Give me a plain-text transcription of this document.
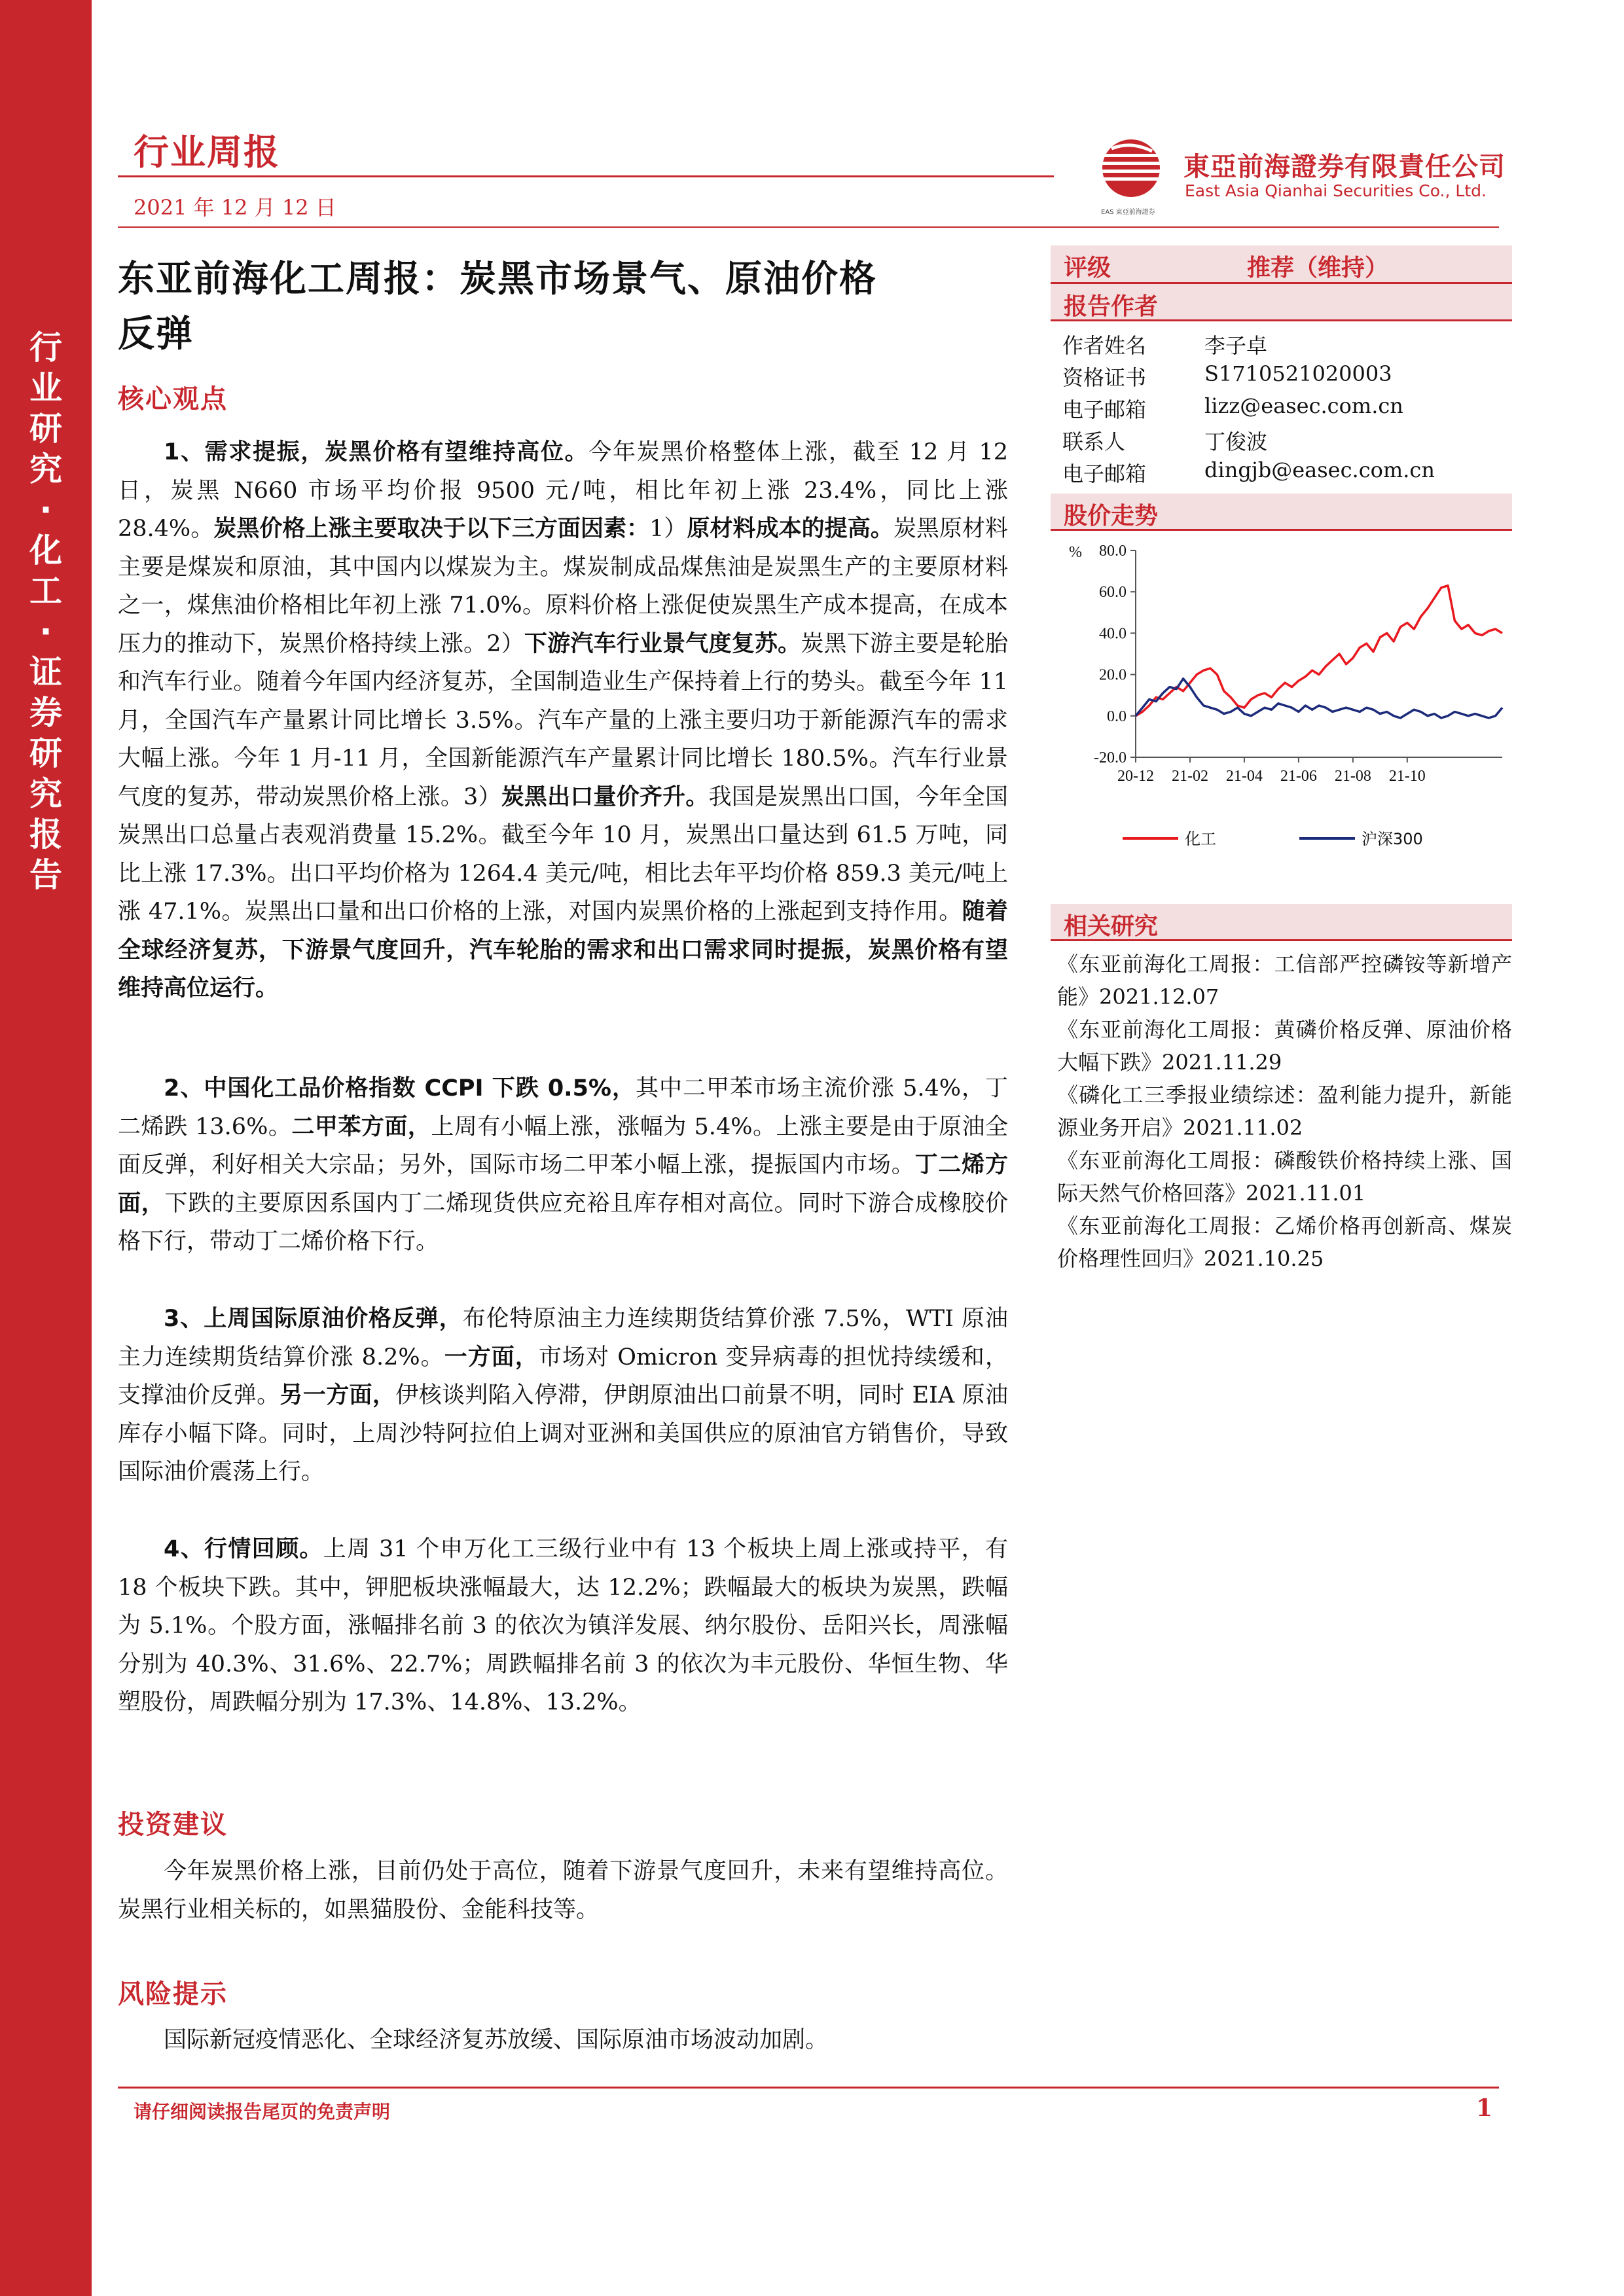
行
业
研
究
·
化
工
·
证
券
研
究
报
告
行业周报
2021 年 12 月 12 日	EAS 東亞前海證券
東亞前海證券有限責任公司
East Asia Qianhai Securities Co., Ltd.
东亚前海化工周报：炭黑市场景气、原油价格
反弹
核心观点

1、需求提振，炭黑价格有望维持高位。今年炭黑价格整体上涨，截至 12 月 12 日，炭黑 N660 市场平均价报 9500 元/吨，相比年初上涨 23.4%，同比上涨 28.4%。炭黑价格上涨主要取决于以下三方面因素：1）原材料成本的提高。炭黑原材料主要是煤炭和原油，其中国内以煤炭为主。煤炭制成品煤焦油是炭黑生产的主要原材料之一，煤焦油价格相比年初上涨 71.0%。原料价格上涨促使炭黑生产成本提高，在成本压力的推动下，炭黑价格持续上涨。2）下游汽车行业景气度复苏。炭黑下游主要是轮胎和汽车行业。随着今年国内经济复苏，全国制造业生产保持着上行的势头。截至今年 11 月，全国汽车产量累计同比增长 3.5%。汽车产量的上涨主要归功于新能源汽车的需求大幅上涨。今年 1 月-11 月，全国新能源汽车产量累计同比增长 180.5%。汽车行业景气度的复苏，带动炭黑价格上涨。3）炭黑出口量价齐升。我国是炭黑出口国，今年全国炭黑出口总量占表观消费量 15.2%。截至今年 10 月，炭黑出口量达到 61.5 万吨，同比上涨 17.3%。出口平均价格为 1264.4 美元/吨，相比去年平均价格 859.3 美元/吨上涨 47.1%。炭黑出口量和出口价格的上涨，对国内炭黑价格的上涨起到支持作用。随着全球经济复苏，下游景气度回升，汽车轮胎的需求和出口需求同时提振，炭黑价格有望维持高位运行。

2、中国化工品价格指数 CCPI 下跌 0.5%，其中二甲苯市场主流价涨 5.4%，丁二烯跌 13.6%。二甲苯方面，上周有小幅上涨，涨幅为 5.4%。上涨主要是由于原油全面反弹，利好相关大宗品；另外，国际市场二甲苯小幅上涨，提振国内市场。丁二烯方面，下跌的主要原因系国内丁二烯现货供应充裕且库存相对高位。同时下游合成橡胶价格下行，带动丁二烯价格下行。

3、上周国际原油价格反弹，布伦特原油主力连续期货结算价涨 7.5%，WTI 原油主力连续期货结算价涨 8.2%。一方面，市场对 Omicron 变异病毒的担忧持续缓和，支撑油价反弹。另一方面，伊核谈判陷入停滞，伊朗原油出口前景不明，同时 EIA 原油库存小幅下降。同时，上周沙特阿拉伯上调对亚洲和美国供应的原油官方销售价，导致国际油价震荡上行。

4、行情回顾。上周 31 个申万化工三级行业中有 13 个板块上周上涨或持平，有 18 个板块下跌。其中，钾肥板块涨幅最大，达 12.2%；跌幅最大的板块为炭黑，跌幅为 5.1%。个股方面，涨幅排名前 3 的依次为镇洋发展、纳尔股份、岳阳兴长，周涨幅分别为 40.3%、31.6%、22.7%；周跌幅排名前 3 的依次为丰元股份、华恒生物、华塑股份，周跌幅分别为 17.3%、14.8%、13.2%。

投资建议

今年炭黑价格上涨，目前仍处于高位，随着下游景气度回升，未来有望维持高位。炭黑行业相关标的，如黑猫股份、金能科技等。

风险提示

国际新冠疫情恶化、全球经济复苏放缓、国际原油市场波动加剧。

评级	推荐（维持）
报告作者
作者姓名	李子卓
资格证书	S1710521020003
电子邮箱	lizz@easec.com.cn
联系人	丁俊波
电子邮箱	dingjb@easec.com.cn
股价走势
% 80.0
60.0
40.0
20.0
0.0
-20.0
20-12 21-02 21-04 21-06 21-08 21-10
化工	沪深300
相关研究

《东亚前海化工周报：工信部严控磷铵等新增产能》2021.12.07

《东亚前海化工周报：黄磷价格反弹、原油价格大幅下跌》2021.11.29

《磷化工三季报业绩综述：盈利能力提升，新能源业务开启》2021.11.02

《东亚前海化工周报：磷酸铁价格持续上涨、国际天然气价格回落》2021.11.01

《东亚前海化工周报：乙烯价格再创新高、煤炭价格理性回归》2021.10.25

请仔细阅读报告尾页的免责声明	1
